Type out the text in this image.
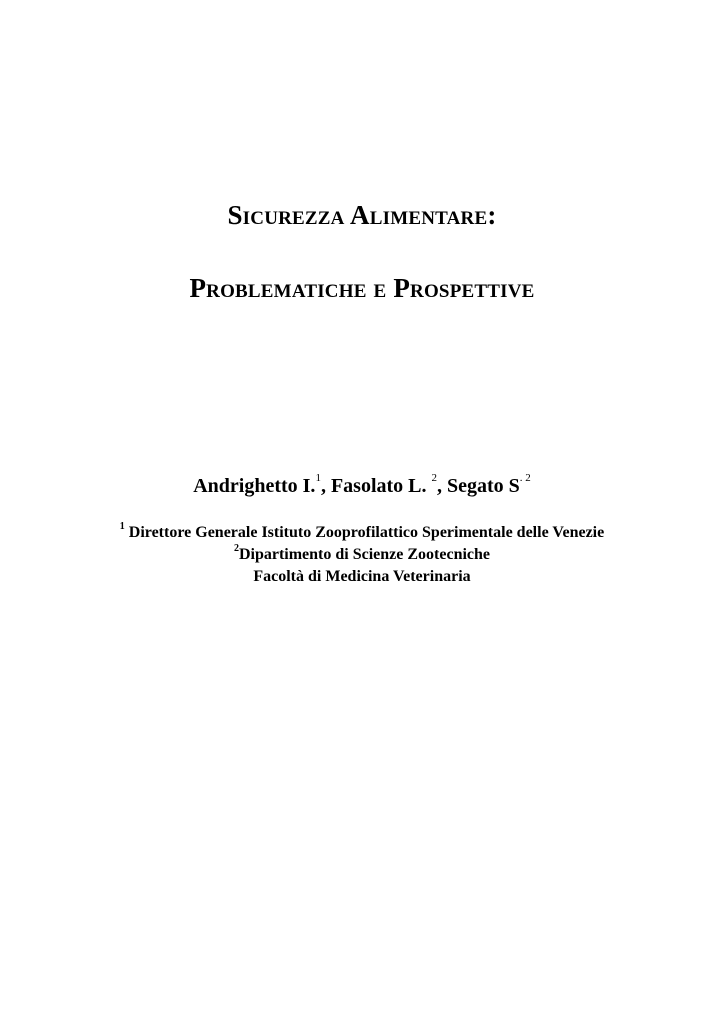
Sicurezza Alimentare:
Problematiche e Prospettive
Andrighetto I.$^1$, Fasolato L. $^2$, Segato S. $^2$
$^1$ Direttore Generale Istituto Zooprofilattico Sperimentale delle Venezie
$^2$Dipartimento di Scienze Zootecniche
Facoltà di Medicina Veterinaria
